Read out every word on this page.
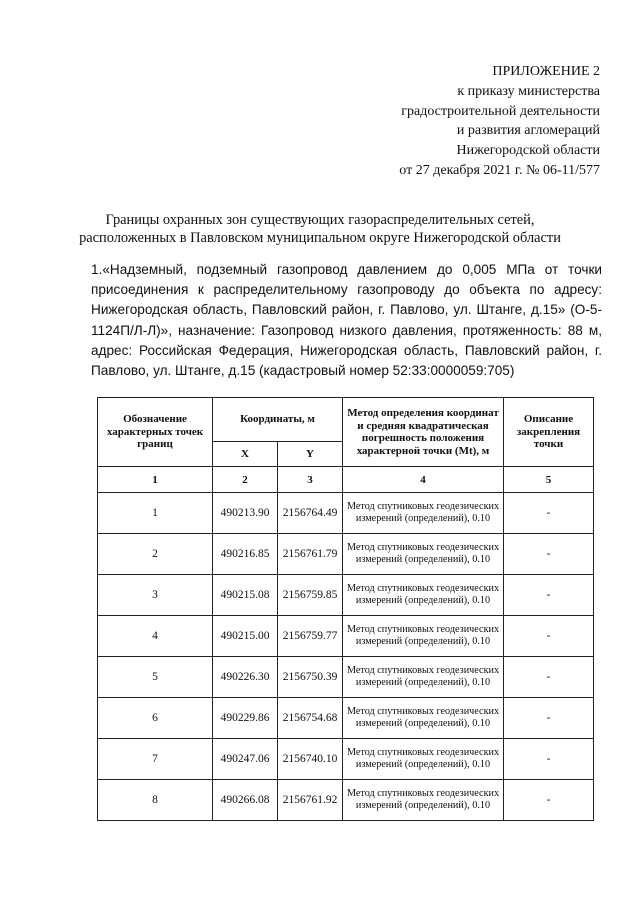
ПРИЛОЖЕНИЕ 2
к приказу министерства
градостроительной деятельности
и развития агломераций
Нижегородской области
от 27 декабря 2021 г. № 06-11/577
Границы охранных зон существующих газораспределительных сетей,
расположенных в Павловском муниципальном округе Нижегородской области
1.«Надземный, подземный газопровод давлением до 0,005 МПа от точки присоединения к распределительному газопроводу до объекта по адресу: Нижегородская область, Павловский район, г. Павлово, ул. Штанге, д.15» (О-5-1124П/Л-Л)», назначение: Газопровод низкого давления, протяженность: 88 м, адрес: Российская Федерация, Нижегородская область, Павловский район, г. Павлово, ул. Штанге, д.15 (кадастровый номер 52:33:0000059:705)
Обозначение характерных точек границ	Координаты, м		Метод определения координат и средняя квадратическая погрешность положения характерной точки (Mt), м	Описание закрепления точки
	X	Y		
1	2	3	4	5
1	490213.90	2156764.49	Метод спутниковых геодезических измерений (определений), 0.10	-
2	490216.85	2156761.79	Метод спутниковых геодезических измерений (определений), 0.10	-
3	490215.08	2156759.85	Метод спутниковых геодезических измерений (определений), 0.10	-
4	490215.00	2156759.77	Метод спутниковых геодезических измерений (определений), 0.10	-
5	490226.30	2156750.39	Метод спутниковых геодезических измерений (определений), 0.10	-
6	490229.86	2156754.68	Метод спутниковых геодезических измерений (определений), 0.10	-
7	490247.06	2156740.10	Метод спутниковых геодезических измерений (определений), 0.10	-
8	490266.08	2156761.92	Метод спутниковых геодезических измерений (определений), 0.10	-
